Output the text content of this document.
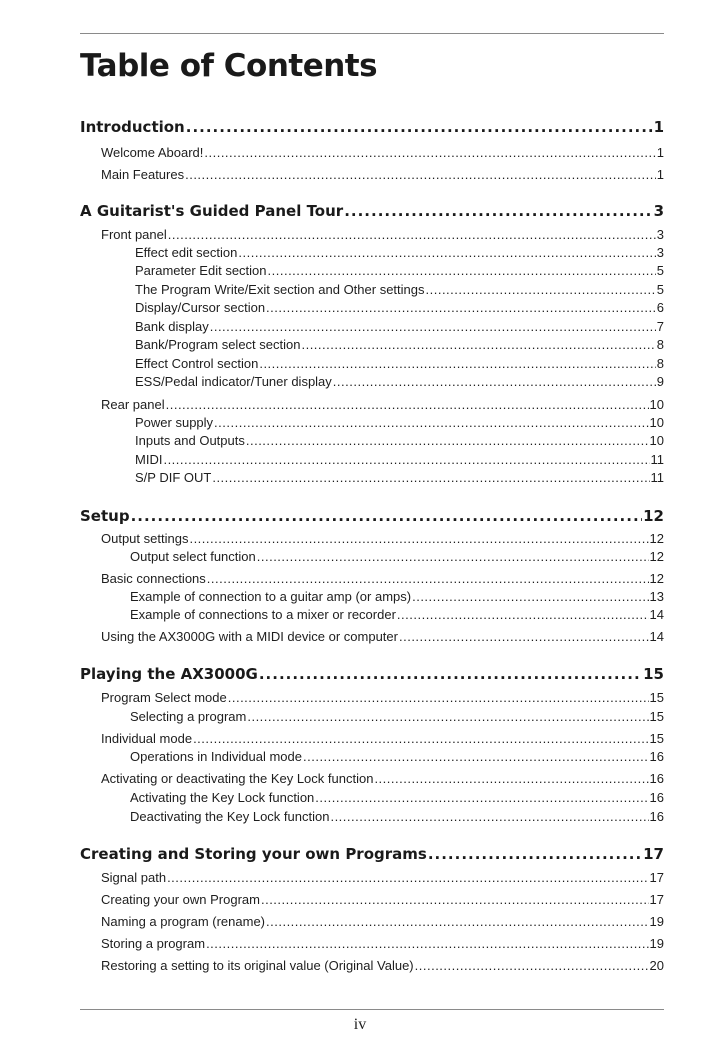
Table of Contents
Introduction .....	1
Welcome Aboard! .....	1
Main Features .....	1
A Guitarist's Guided Panel Tour .....	3
Front panel .....	3
Effect edit section .....	3
Parameter Edit section .....	5
The Program Write/Exit section and Other settings .....	5
Display/Cursor section .....	6
Bank display .....	7
Bank/Program select section .....	8
Effect Control section .....	8
ESS/Pedal indicator/Tuner display .....	9
Rear panel .....	10
Power supply .....	10
Inputs and Outputs .....	10
MIDI .....	11
S/P DIF OUT .....	11
Setup .....	12
Output settings .....	12
Output select function .....	12
Basic connections .....	12
Example of connection to a guitar amp (or amps) .....	13
Example of connections to a mixer or recorder .....	14
Using the AX3000G with a MIDI device or computer .....	14
Playing the AX3000G .....	15
Program Select mode .....	15
Selecting a program .....	15
Individual mode .....	15
Operations in Individual mode .....	16
Activating or deactivating the Key Lock function .....	16
Activating the Key Lock function .....	16
Deactivating the Key Lock function .....	16
Creating and Storing your own Programs .....	17
Signal path .....	17
Creating your own Program .....	17
Naming a program (rename) .....	19
Storing a program .....	19
Restoring a setting to its original value (Original Value) .....	20
iv
